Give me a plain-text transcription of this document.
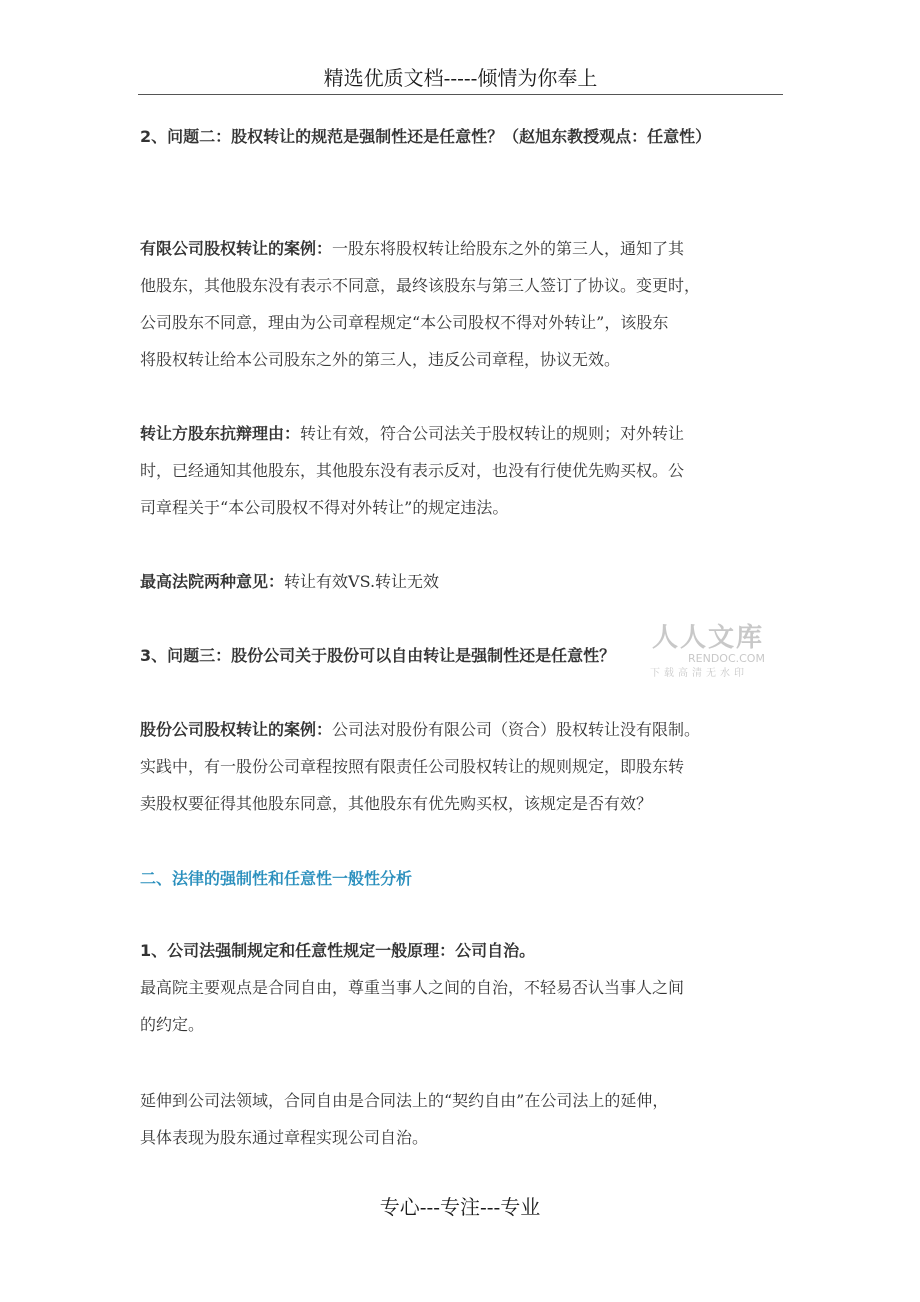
精选优质文档-----倾情为你奉上
2、问题二：股权转让的规范是强制性还是任意性？（赵旭东教授观点：任意性）
有限公司股权转让的案例：一股东将股权转让给股东之外的第三人，通知了其
他股东，其他股东没有表示不同意，最终该股东与第三人签订了协议。变更时，
公司股东不同意，理由为公司章程规定“本公司股权不得对外转让”，该股东
将股权转让给本公司股东之外的第三人，违反公司章程，协议无效。
转让方股东抗辩理由：转让有效，符合公司法关于股权转让的规则；对外转让
时，已经通知其他股东，其他股东没有表示反对，也没有行使优先购买权。公
司章程关于“本公司股权不得对外转让”的规定违法。
最高法院两种意见：转让有效VS.转让无效
3、问题三：股份公司关于股份可以自由转让是强制性还是任意性？
股份公司股权转让的案例：公司法对股份有限公司（资合）股权转让没有限制。
实践中，有一股份公司章程按照有限责任公司股权转让的规则规定，即股东转
卖股权要征得其他股东同意，其他股东有优先购买权，该规定是否有效？
二、法律的强制性和任意性一般性分析
1、公司法强制规定和任意性规定一般原理：公司自治。
最高院主要观点是合同自由，尊重当事人之间的自治，不轻易否认当事人之间
的约定。
延伸到公司法领域，合同自由是合同法上的“契约自由”在公司法上的延伸，
具体表现为股东通过章程实现公司自治。
人人文库
RENDOC.COM
下载高清无水印
专心---专注---专业
